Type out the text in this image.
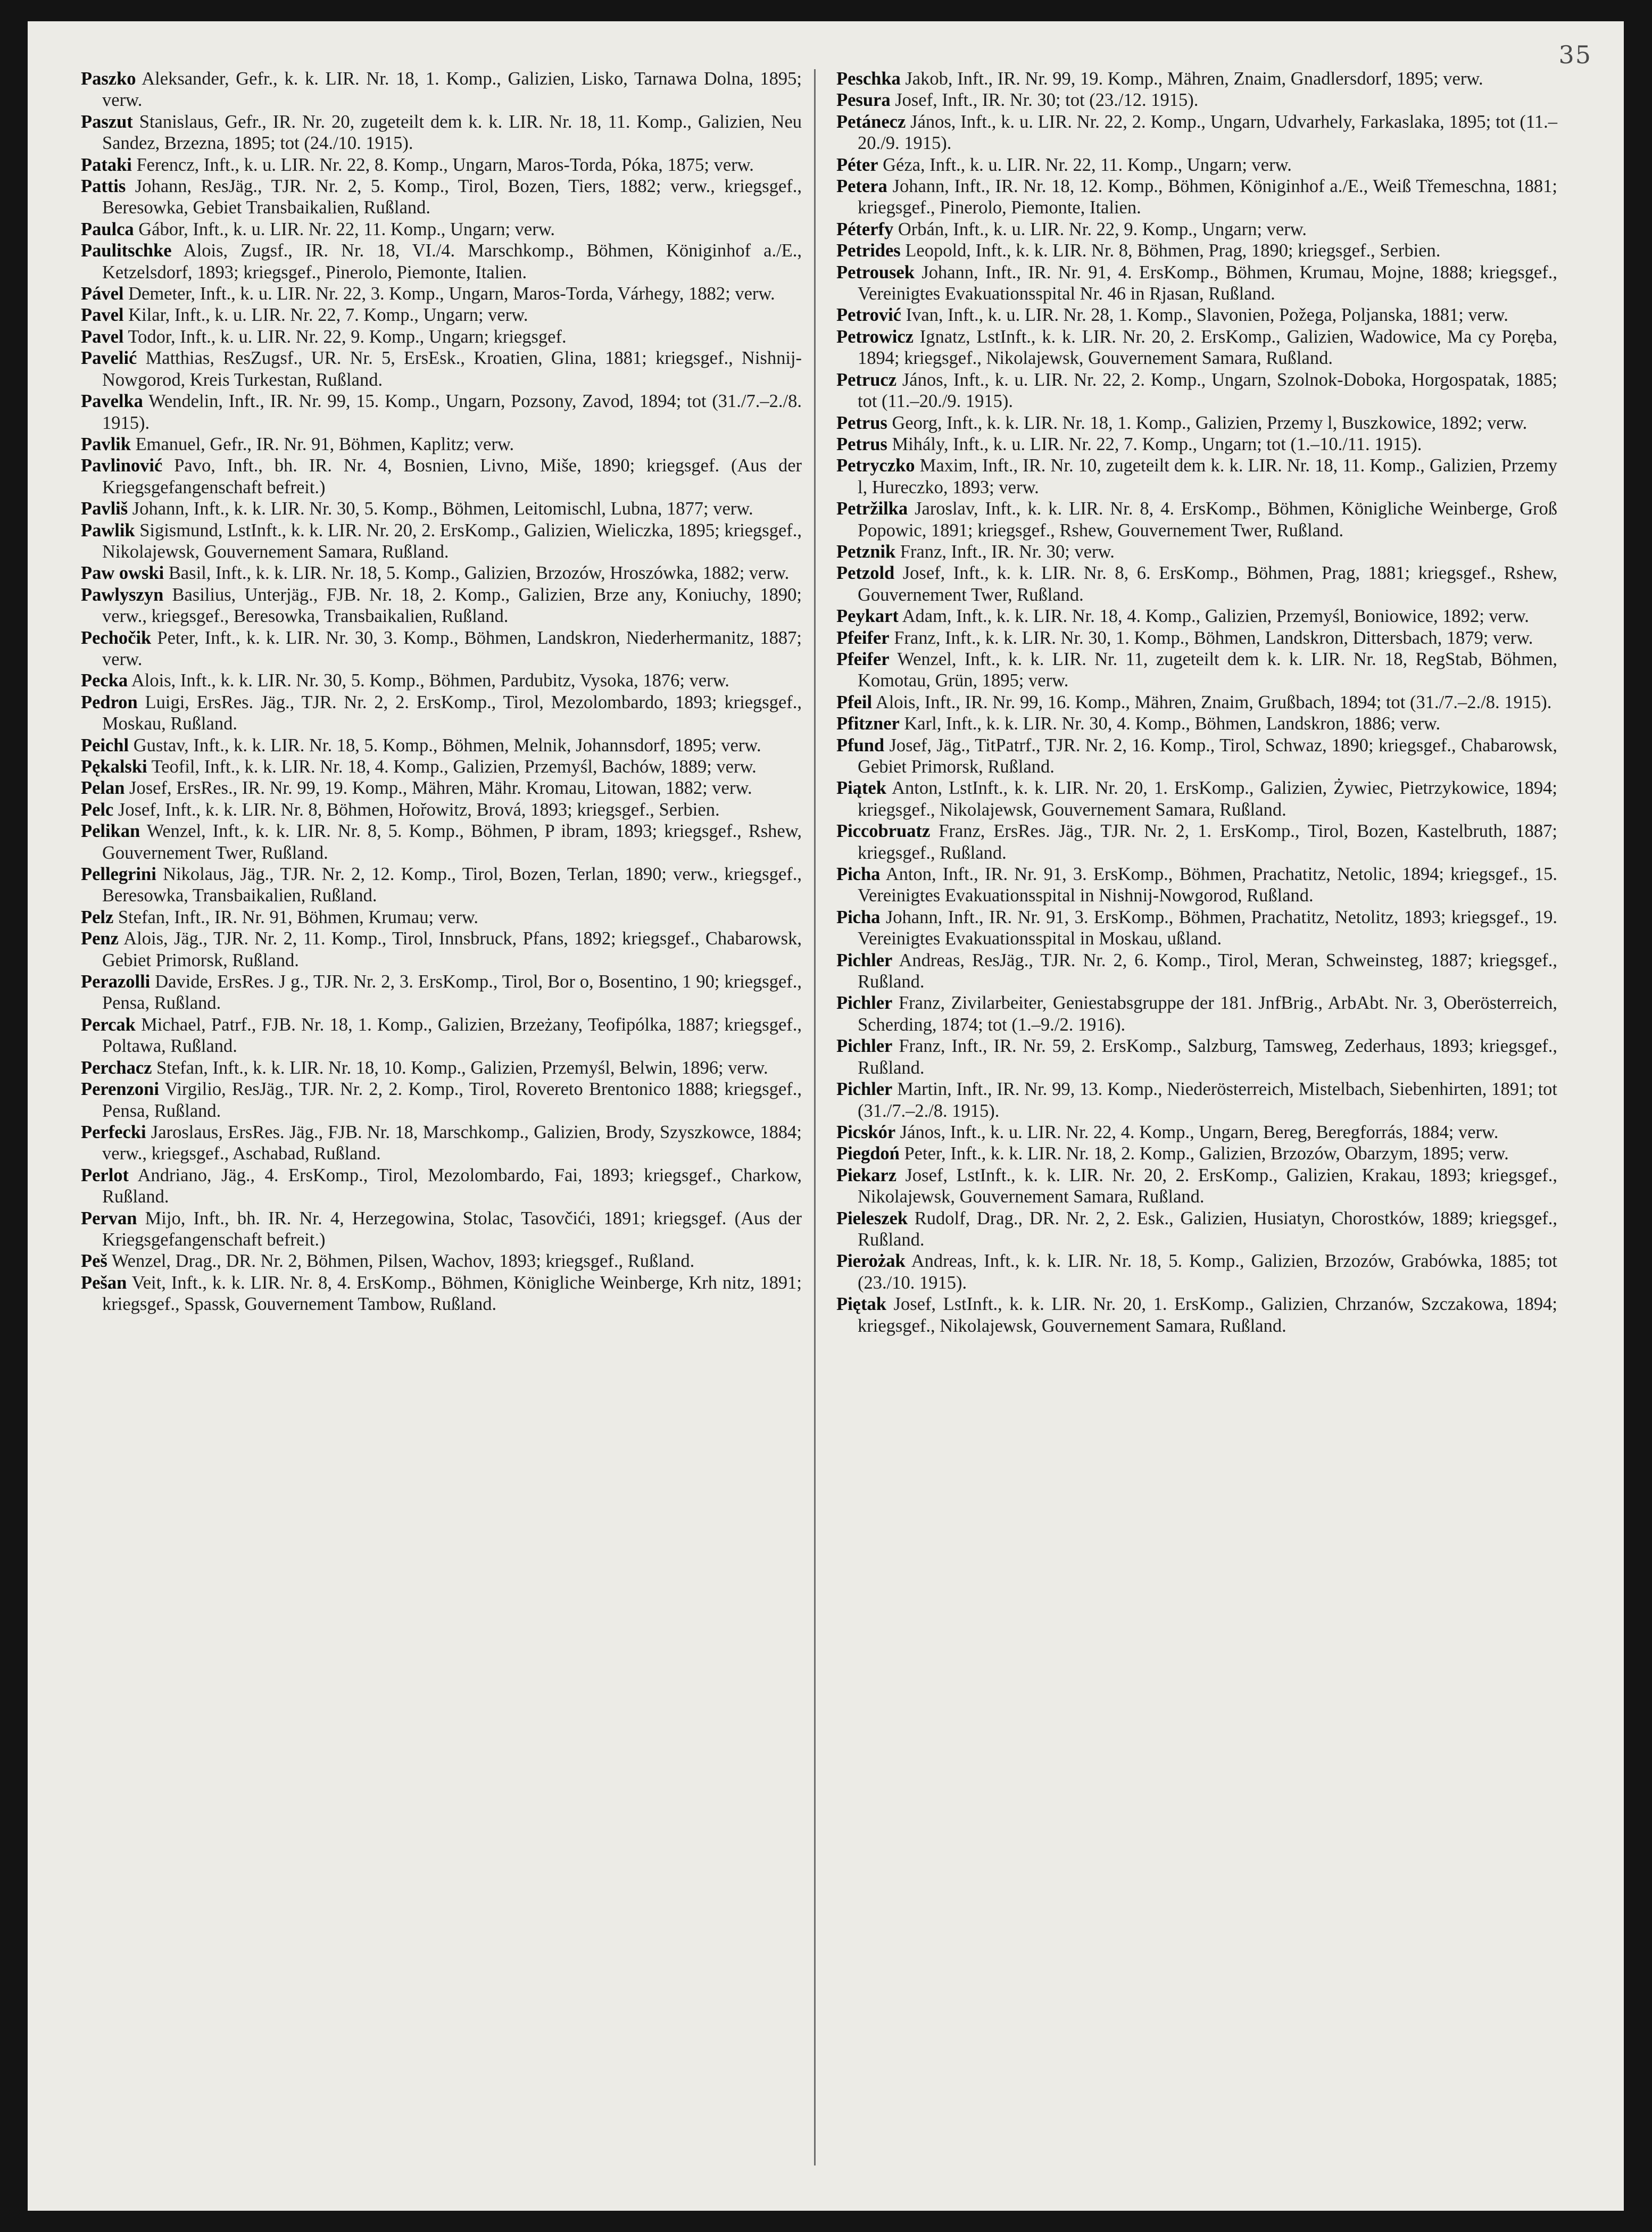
35

Paszko Aleksander, Gefr., k. k. LIR. Nr. 18, 1. Komp., Galizien, Lisko, Tarnawa Dolna, 1895; verw.

Paszut Stanislaus, Gefr., IR. Nr. 20, zugeteilt dem k. k. LIR. Nr. 18, 11. Komp., Galizien, Neu Sandez, Brzezna, 1895; tot (24./10. 1915).

Pataki Ferencz, Inft., k. u. LIR. Nr. 22, 8. Komp., Ungarn, Maros-Torda, Póka, 1875; verw.

Pattis Johann, ResJäg., TJR. Nr. 2, 5. Komp., Tirol, Bozen, Tiers, 1882; verw., kriegsgef., Beresowka, Gebiet Transbaikalien, Rußland.

Paulca Gábor, Inft., k. u. LIR. Nr. 22, 11. Komp., Ungarn; verw.

Paulitschke Alois, Zugsf., IR. Nr. 18, VI./4. Marschkomp., Böhmen, Königinhof a./E., Ketzelsdorf, 1893; kriegsgef., Pinerolo, Piemonte, Italien.

Pável Demeter, Inft., k. u. LIR. Nr. 22, 3. Komp., Ungarn, Maros-Torda, Várhegy, 1882; verw.

Pavel Kilar, Inft., k. u. LIR. Nr. 22, 7. Komp., Ungarn; verw.

Pavel Todor, Inft., k. u. LIR. Nr. 22, 9. Komp., Ungarn; kriegsgef.

Pavelić Matthias, ResZugsf., UR. Nr. 5, ErsEsk., Kroatien, Glina, 1881; kriegsgef., Nishnij-Nowgorod, Kreis Turkestan, Rußland.

Pavelka Wendelin, Inft., IR. Nr. 99, 15. Komp., Ungarn, Pozsony, Zavod, 1894; tot (31./7.–2./8. 1915).

Pavlik Emanuel, Gefr., IR. Nr. 91, Böhmen, Kaplitz; verw.

Pavlinović Pavo, Inft., bh. IR. Nr. 4, Bosnien, Livno, Miše, 1890; kriegsgef. (Aus der Kriegsgefangenschaft befreit.)

Pavliš Johann, Inft., k. k. LIR. Nr. 30, 5. Komp., Böhmen, Leitomischl, Lubna, 1877; verw.

Pawlik Sigismund, LstInft., k. k. LIR. Nr. 20, 2. ErsKomp., Galizien, Wieliczka, 1895; kriegsgef., Nikolajewsk, Gouvernement Samara, Rußland.

Paw owski Basil, Inft., k. k. LIR. Nr. 18, 5. Komp., Galizien, Brzozów, Hroszówka, 1882; verw.

Pawlyszyn Basilius, Unterjäg., FJB. Nr. 18, 2. Komp., Galizien, Brze any, Koniuchy, 1890; verw., kriegsgef., Beresowka, Transbaikalien, Rußland.

Pechočik Peter, Inft., k. k. LIR. Nr. 30, 3. Komp., Böhmen, Landskron, Niederhermanitz, 1887; verw.

Pecka Alois, Inft., k. k. LIR. Nr. 30, 5. Komp., Böhmen, Pardubitz, Vysoka, 1876; verw.

Pedron Luigi, ErsRes. Jäg., TJR. Nr. 2, 2. ErsKomp., Tirol, Mezolombardo, 1893; kriegsgef., Moskau, Rußland.

Peichl Gustav, Inft., k. k. LIR. Nr. 18, 5. Komp., Böhmen, Melnik, Johannsdorf, 1895; verw.

Pękalski Teofil, Inft., k. k. LIR. Nr. 18, 4. Komp., Galizien, Przemyśl, Bachów, 1889; verw.

Pelan Josef, ErsRes., IR. Nr. 99, 19. Komp., Mähren, Mähr. Kromau, Litowan, 1882; verw.

Pelc Josef, Inft., k. k. LIR. Nr. 8, Böhmen, Hořowitz, Brová, 1893; kriegsgef., Serbien.

Pelikan Wenzel, Inft., k. k. LIR. Nr. 8, 5. Komp., Böhmen, P ibram, 1893; kriegsgef., Rshew, Gouvernement Twer, Rußland.

Pellegrini Nikolaus, Jäg., TJR. Nr. 2, 12. Komp., Tirol, Bozen, Terlan, 1890; verw., kriegsgef., Beresowka, Transbaikalien, Rußland.

Pelz Stefan, Inft., IR. Nr. 91, Böhmen, Krumau; verw.

Penz Alois, Jäg., TJR. Nr. 2, 11. Komp., Tirol, Innsbruck, Pfans, 1892; kriegsgef., Chabarowsk, Gebiet Primorsk, Rußland.

Perazolli Davide, ErsRes. J g., TJR. Nr. 2, 3. ErsKomp., Tirol, Bor o, Bosentino, 1 90; kriegsgef., Pensa, Rußland.

Percak Michael, Patrf., FJB. Nr. 18, 1. Komp., Galizien, Brzeżany, Teofipólka, 1887; kriegsgef., Poltawa, Rußland.

Perchacz Stefan, Inft., k. k. LIR. Nr. 18, 10. Komp., Galizien, Przemyśl, Belwin, 1896; verw.

Perenzoni Virgilio, ResJäg., TJR. Nr. 2, 2. Komp., Tirol, Rovereto Brentonico 1888; kriegsgef., Pensa, Rußland.

Perfecki Jaroslaus, ErsRes. Jäg., FJB. Nr. 18, Marschkomp., Galizien, Brody, Szyszkowce, 1884; verw., kriegsgef., Aschabad, Rußland.

Perlot Andriano, Jäg., 4. ErsKomp., Tirol, Mezolombardo, Fai, 1893; kriegsgef., Charkow, Rußland.

Pervan Mijo, Inft., bh. IR. Nr. 4, Herzegowina, Stolac, Tasovčići, 1891; kriegsgef. (Aus der Kriegsgefangenschaft befreit.)

Peš Wenzel, Drag., DR. Nr. 2, Böhmen, Pilsen, Wachov, 1893; kriegsgef., Rußland.

Pešan Veit, Inft., k. k. LIR. Nr. 8, 4. ErsKomp., Böhmen, Königliche Weinberge, Krh nitz, 1891; kriegsgef., Spassk, Gouvernement Tambow, Rußland.

Peschka Jakob, Inft., IR. Nr. 99, 19. Komp., Mähren, Znaim, Gnadlersdorf, 1895; verw.

Pesura Josef, Inft., IR. Nr. 30; tot (23./12. 1915).

Petánecz János, Inft., k. u. LIR. Nr. 22, 2. Komp., Ungarn, Udvarhely, Farkaslaka, 1895; tot (11.–20./9. 1915).

Péter Géza, Inft., k. u. LIR. Nr. 22, 11. Komp., Ungarn; verw.

Petera Johann, Inft., IR. Nr. 18, 12. Komp., Böhmen, Königinhof a./E., Weiß Třemeschna, 1881; kriegsgef., Pinerolo, Piemonte, Italien.

Péterfy Orbán, Inft., k. u. LIR. Nr. 22, 9. Komp., Ungarn; verw.

Petrides Leopold, Inft., k. k. LIR. Nr. 8, Böhmen, Prag, 1890; kriegsgef., Serbien.

Petrousek Johann, Inft., IR. Nr. 91, 4. ErsKomp., Böhmen, Krumau, Mojne, 1888; kriegsgef., Vereinigtes Evakuationsspital Nr. 46 in Rjasan, Rußland.

Petrović Ivan, Inft., k. u. LIR. Nr. 28, 1. Komp., Slavonien, Požega, Poljanska, 1881; verw.

Petrowicz Ignatz, LstInft., k. k. LIR. Nr. 20, 2. ErsKomp., Galizien, Wadowice, Ma cy Poręba, 1894; kriegsgef., Nikolajewsk, Gouvernement Samara, Rußland.

Petrucz János, Inft., k. u. LIR. Nr. 22, 2. Komp., Ungarn, Szolnok-Doboka, Horgospatak, 1885; tot (11.–20./9. 1915).

Petrus Georg, Inft., k. k. LIR. Nr. 18, 1. Komp., Galizien, Przemy l, Buszkowice, 1892; verw.

Petrus Mihály, Inft., k. u. LIR. Nr. 22, 7. Komp., Ungarn; tot (1.–10./11. 1915).

Petryczko Maxim, Inft., IR. Nr. 10, zugeteilt dem k. k. LIR. Nr. 18, 11. Komp., Galizien, Przemy l, Hureczko, 1893; verw.

Petržilka Jaroslav, Inft., k. k. LIR. Nr. 8, 4. ErsKomp., Böhmen, Königliche Weinberge, Groß Popowic, 1891; kriegsgef., Rshew, Gouvernement Twer, Rußland.

Petznik Franz, Inft., IR. Nr. 30; verw.

Petzold Josef, Inft., k. k. LIR. Nr. 8, 6. ErsKomp., Böhmen, Prag, 1881; kriegsgef., Rshew, Gouvernement Twer, Rußland.

Peykart Adam, Inft., k. k. LIR. Nr. 18, 4. Komp., Galizien, Przemyśl, Boniowice, 1892; verw.

Pfeifer Franz, Inft., k. k. LIR. Nr. 30, 1. Komp., Böhmen, Landskron, Dittersbach, 1879; verw.

Pfeifer Wenzel, Inft., k. k. LIR. Nr. 11, zugeteilt dem k. k. LIR. Nr. 18, RegStab, Böhmen, Komotau, Grün, 1895; verw.

Pfeil Alois, Inft., IR. Nr. 99, 16. Komp., Mähren, Znaim, Grußbach, 1894; tot (31./7.–2./8. 1915).

Pfitzner Karl, Inft., k. k. LIR. Nr. 30, 4. Komp., Böhmen, Landskron, 1886; verw.

Pfund Josef, Jäg., TitPatrf., TJR. Nr. 2, 16. Komp., Tirol, Schwaz, 1890; kriegsgef., Chabarowsk, Gebiet Primorsk, Rußland.

Piątek Anton, LstInft., k. k. LIR. Nr. 20, 1. ErsKomp., Galizien, Żywiec, Pietrzykowice, 1894; kriegsgef., Nikolajewsk, Gouvernement Samara, Rußland.

Piccobruatz Franz, ErsRes. Jäg., TJR. Nr. 2, 1. ErsKomp., Tirol, Bozen, Kastelbruth, 1887; kriegsgef., Rußland.

Picha Anton, Inft., IR. Nr. 91, 3. ErsKomp., Böhmen, Prachatitz, Netolic, 1894; kriegsgef., 15. Vereinigtes Evakuationsspital in Nishnij-Nowgorod, Rußland.

Picha Johann, Inft., IR. Nr. 91, 3. ErsKomp., Böhmen, Prachatitz, Netolitz, 1893; kriegsgef., 19. Vereinigtes Evakuationsspital in Moskau, ußland.

Pichler Andreas, ResJäg., TJR. Nr. 2, 6. Komp., Tirol, Meran, Schweinsteg, 1887; kriegsgef., Rußland.

Pichler Franz, Zivilarbeiter, Geniestabsgruppe der 181. JnfBrig., ArbAbt. Nr. 3, Oberösterreich, Scherding, 1874; tot (1.–9./2. 1916).

Pichler Franz, Inft., IR. Nr. 59, 2. ErsKomp., Salzburg, Tamsweg, Zederhaus, 1893; kriegsgef., Rußland.

Pichler Martin, Inft., IR. Nr. 99, 13. Komp., Niederösterreich, Mistelbach, Siebenhirten, 1891; tot (31./7.–2./8. 1915).

Picskór János, Inft., k. u. LIR. Nr. 22, 4. Komp., Ungarn, Bereg, Beregforrás, 1884; verw.

Piegdoń Peter, Inft., k. k. LIR. Nr. 18, 2. Komp., Galizien, Brzozów, Obarzym, 1895; verw.

Piekarz Josef, LstInft., k. k. LIR. Nr. 20, 2. ErsKomp., Galizien, Krakau, 1893; kriegsgef., Nikolajewsk, Gouvernement Samara, Rußland.

Pieleszek Rudolf, Drag., DR. Nr. 2, 2. Esk., Galizien, Husiatyn, Chorostków, 1889; kriegsgef., Rußland.

Pierożak Andreas, Inft., k. k. LIR. Nr. 18, 5. Komp., Galizien, Brzozów, Grabówka, 1885; tot (23./10. 1915).

Piętak Josef, LstInft., k. k. LIR. Nr. 20, 1. ErsKomp., Galizien, Chrzanów, Szczakowa, 1894; kriegsgef., Nikolajewsk, Gouvernement Samara, Rußland.
